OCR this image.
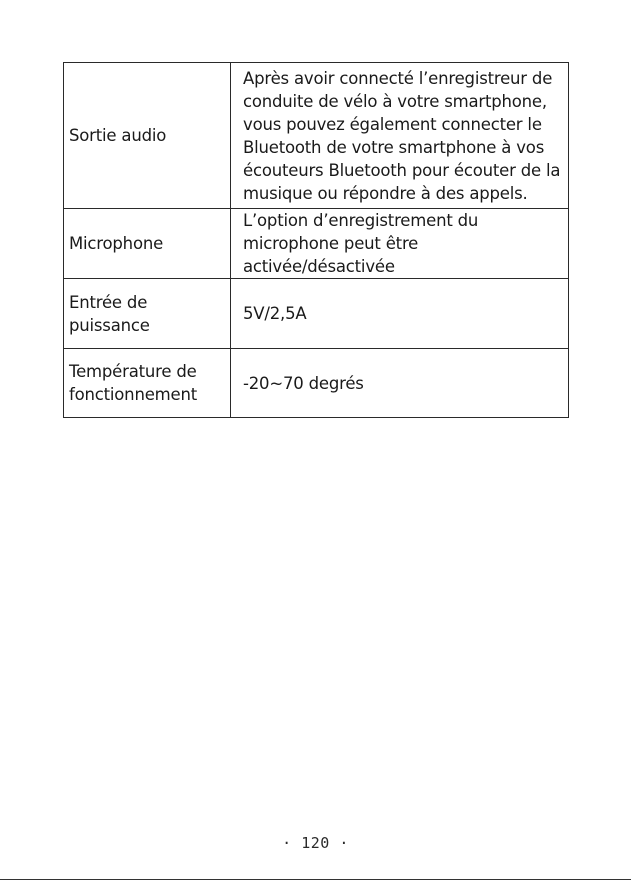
Sortie audio	Après avoir connecté l’enregistreur de conduite de vélo à votre smartphone, vous pouvez également connecter le Bluetooth de votre smartphone à vos écouteurs Bluetooth pour écouter de la musique ou répondre à des appels.
Microphone	L’option d’enregistrement du microphone peut être activée/désactivée
Entrée de puissance	5V/2,5A
Température de fonctionnement	-20~70 degrés
· 120 ·
